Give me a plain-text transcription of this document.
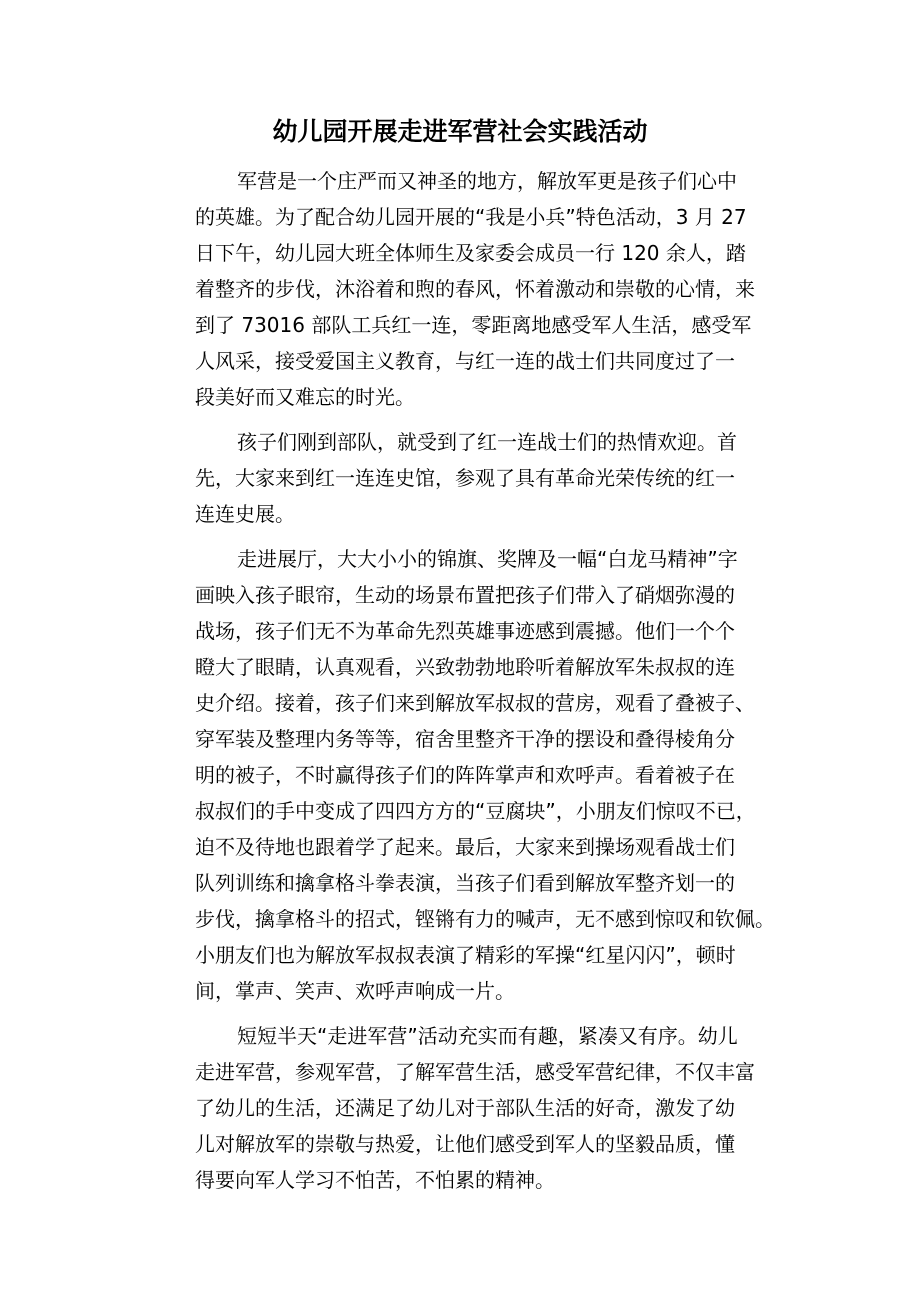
幼儿园开展走进军营社会实践活动
军营是一个庄严而又神圣的地方，解放军更是孩子们心中
的英雄。为了配合幼儿园开展的“我是小兵”特色活动，3 月 27
日下午，幼儿园大班全体师生及家委会成员一行 120 余人，踏
着整齐的步伐，沐浴着和煦的春风，怀着激动和崇敬的心情，来
到了 73016 部队工兵红一连，零距离地感受军人生活，感受军
人风采，接受爱国主义教育，与红一连的战士们共同度过了一
段美好而又难忘的时光。
孩子们刚到部队，就受到了红一连战士们的热情欢迎。首
先，大家来到红一连连史馆，参观了具有革命光荣传统的红一
连连史展。
走进展厅，大大小小的锦旗、奖牌及一幅“白龙马精神”字
画映入孩子眼帘，生动的场景布置把孩子们带入了硝烟弥漫的
战场，孩子们无不为革命先烈英雄事迹感到震撼。他们一个个
瞪大了眼睛，认真观看，兴致勃勃地聆听着解放军朱叔叔的连
史介绍。接着，孩子们来到解放军叔叔的营房，观看了叠被子、
穿军装及整理内务等等，宿舍里整齐干净的摆设和叠得棱角分
明的被子，不时赢得孩子们的阵阵掌声和欢呼声。看着被子在
叔叔们的手中变成了四四方方的“豆腐块”，小朋友们惊叹不已，
迫不及待地也跟着学了起来。最后，大家来到操场观看战士们
队列训练和擒拿格斗拳表演，当孩子们看到解放军整齐划一的
步伐，擒拿格斗的招式，铿锵有力的喊声，无不感到惊叹和钦佩。
小朋友们也为解放军叔叔表演了精彩的军操“红星闪闪”，顿时
间，掌声、笑声、欢呼声响成一片。
短短半天“走进军营”活动充实而有趣，紧凑又有序。幼儿
走进军营，参观军营，了解军营生活，感受军营纪律，不仅丰富
了幼儿的生活，还满足了幼儿对于部队生活的好奇，激发了幼
儿对解放军的崇敬与热爱，让他们感受到军人的坚毅品质，懂
得要向军人学习不怕苦，不怕累的精神。
